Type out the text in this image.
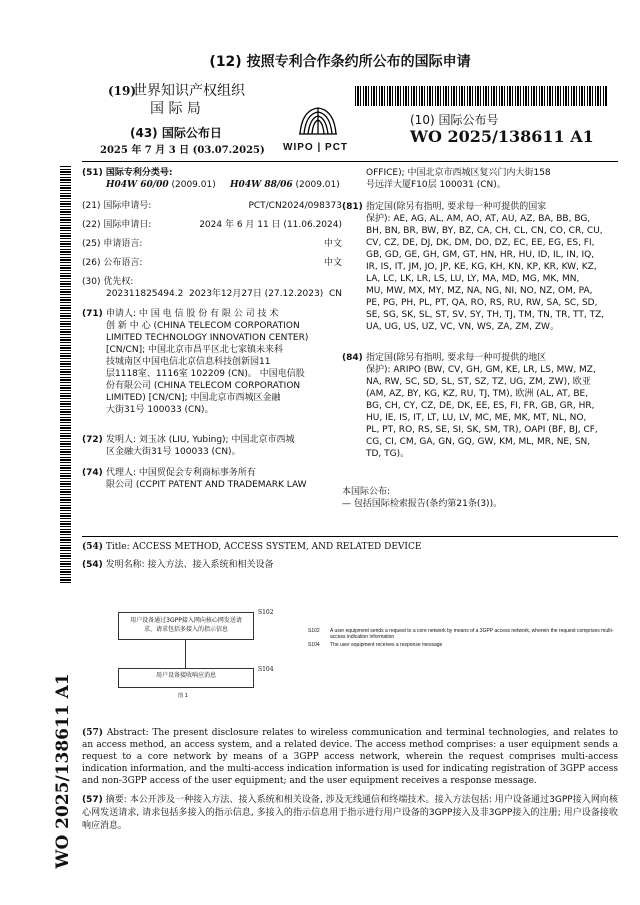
(12) 按照专利合作条约所公布的国际申请
(19)
世界知识产权组织
国 际 局
(43) 国际公布日
2025 年 7 月 3 日 (03.07.2025) WIPO | PCT
(10) 国际公布号
WO 2025/138611 A1
WO 2025/138611 A1
(51) 国际专利分类号:
H04W 60/00 (2009.01) H04W 88/06 (2009.01)
(21) 国际申请号:	PCT/CN2024/098373
(22) 国际申请日:	2024 年 6 月 11 日 (11.06.2024)
(25) 申请语言:	中文
(26) 公布语言:	中文
(30) 优先权:
202311825494.2 2023年12月27日 (27.12.2023) CN
(71) 申请人: 中 国 电 信 股 份 有 限 公 司 技 术
创 新 中 心 (CHINA TELECOM CORPORATION
LIMITED TECHNOLOGY INNOVATION CENTER)
[CN/CN]; 中国北京市昌平区北七家镇未来科
技城南区中国电信北京信息科技创新园11
层1118室、1116室 102209 (CN)。 中国电信股
份有限公司 (CHINA TELECOM CORPORATION
LIMITED) [CN/CN]; 中国北京市西城区金融
大街31号 100033 (CN)。
(72) 发明人: 刘玉冰 (LIU, Yubing); 中国北京市西城
区金融大街31号 100033 (CN)。
(74) 代理人: 中国贸促会专利商标事务所有
限公司 (CCPIT PATENT AND TRADEMARK LAW
OFFICE); 中国北京市西城区复兴门内大街158
号远洋大厦F10层 100031 (CN)。
(81) 指定国(除另有指明, 要求每一种可提供的国家
保护): AE, AG, AL, AM, AO, AT, AU, AZ, BA, BB, BG,
BH, BN, BR, BW, BY, BZ, CA, CH, CL, CN, CO, CR, CU,
CV, CZ, DE, DJ, DK, DM, DO, DZ, EC, EE, EG, ES, FI,
GB, GD, GE, GH, GM, GT, HN, HR, HU, ID, IL, IN, IQ,
IR, IS, IT, JM, JO, JP, KE, KG, KH, KN, KP, KR, KW, KZ,
LA, LC, LK, LR, LS, LU, LY, MA, MD, MG, MK, MN,
MU, MW, MX, MY, MZ, NA, NG, NI, NO, NZ, OM, PA,
PE, PG, PH, PL, PT, QA, RO, RS, RU, RW, SA, SC, SD,
SE, SG, SK, SL, ST, SV, SY, TH, TJ, TM, TN, TR, TT, TZ,
UA, UG, US, UZ, VC, VN, WS, ZA, ZM, ZW。
(84) 指定国(除另有指明, 要求每一种可提供的地区
保护): ARIPO (BW, CV, GH, GM, KE, LR, LS, MW, MZ,
NA, RW, SC, SD, SL, ST, SZ, TZ, UG, ZM, ZW), 欧亚
(AM, AZ, BY, KG, KZ, RU, TJ, TM), 欧洲 (AL, AT, BE,
BG, CH, CY, CZ, DE, DK, EE, ES, FI, FR, GB, GR, HR,
HU, IE, IS, IT, LT, LU, LV, MC, ME, MK, MT, NL, NO,
PL, PT, RO, RS, SE, SI, SK, SM, TR), OAPI (BF, BJ, CF,
CG, CI, CM, GA, GN, GQ, GW, KM, ML, MR, NE, SN,
TD, TG)。
本国际公布:
— 包括国际检索报告(条约第21条(3))。
(54) Title: ACCESS METHOD, ACCESS SYSTEM, AND RELATED DEVICE
(54) 发明名称: 接入方法、接入系统和相关设备
用户设备通过3GPP接入网向核心网发送请求，请求包括多接入的指示信息
S102
用户设备接收响应消息
S104
图 1
S102	A user equipment sends a request to a core network by means of a 3GPP access network, wherein the request comprises multi-access indication information
S104	The user equipment receives a response message
(57) Abstract: The present disclosure relates to wireless communication and terminal technologies, and relates to an access method, an access system, and a related device. The access method comprises: a user equipment sends a request to a core network by means of a 3GPP access network, wherein the request comprises multi-access indication information, and the multi-access indication information is used for indicating registration of 3GPP access and non-3GPP access of the user equipment; and the user equipment receives a response message.
(57) 摘要: 本公开涉及一种接入方法、接入系统和相关设备, 涉及无线通信和终端技术。接入方法包括: 用户设备通过3GPP接入网向核心网发送请求, 请求包括多接入的指示信息, 多接入的指示信息用于指示进行用户设备的3GPP接入及非3GPP接入的注册; 用户设备接收响应消息。
